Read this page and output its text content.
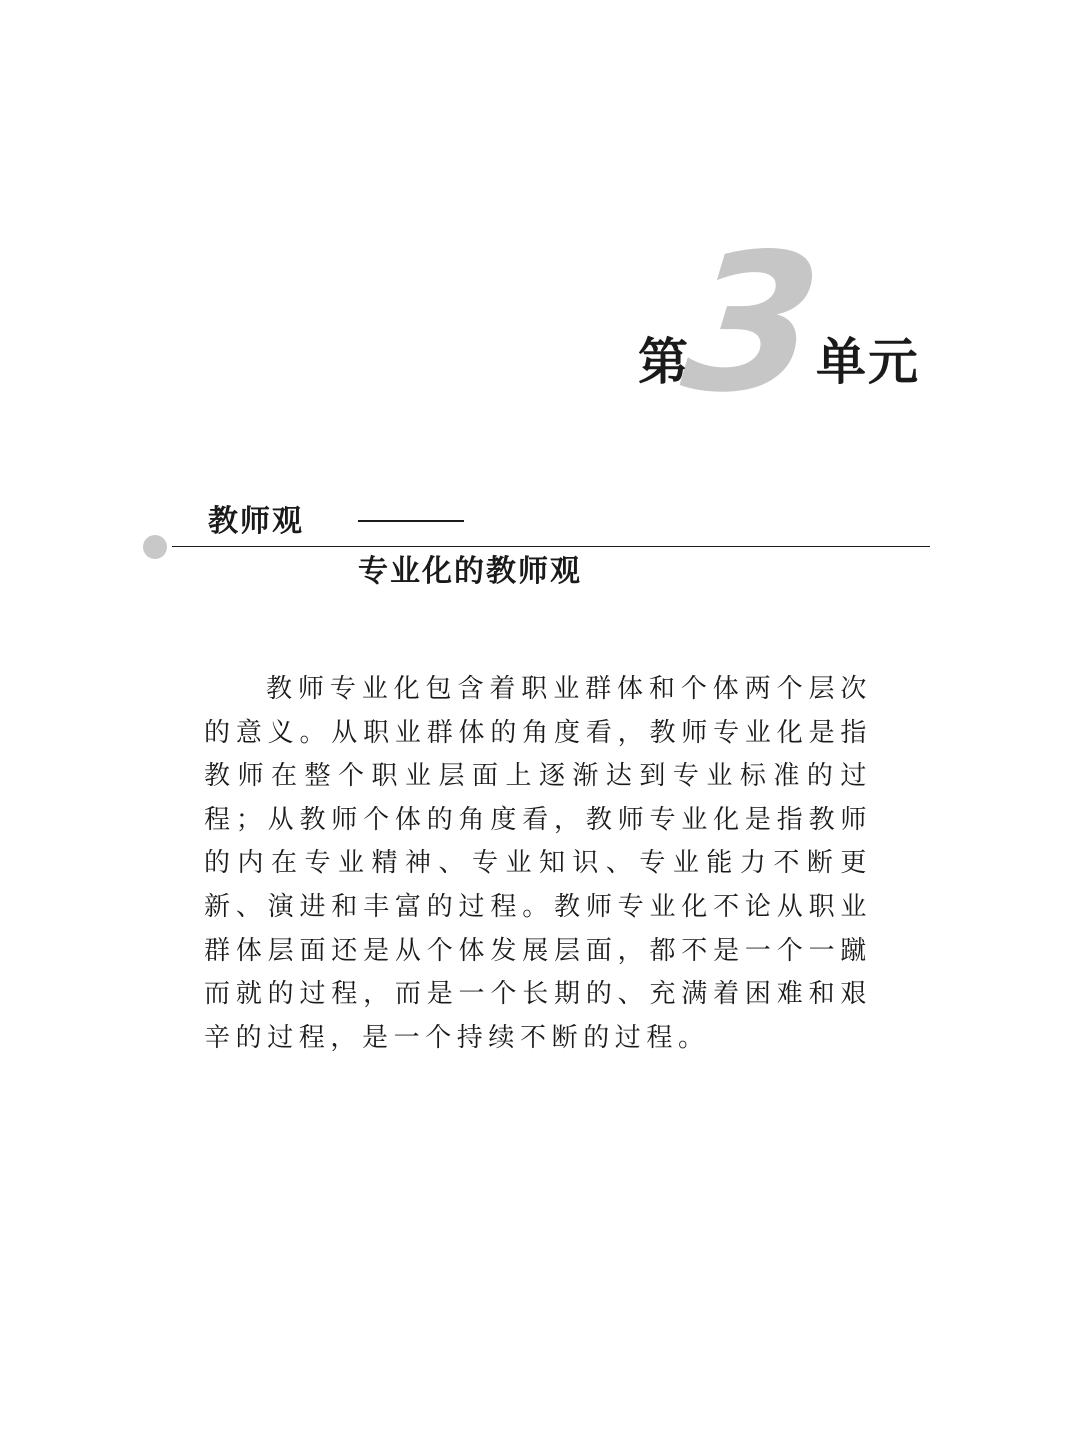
3
第	单元
教师观
专业化的教师观

教师专业化包含着职业群体和个体两个层次的意义。从职业群体的角度看，教师专业化是指教师在整个职业层面上逐渐达到专业标准的过程；从教师个体的角度看，教师专业化是指教师的内在专业精神、专业知识、专业能力不断更新、演进和丰富的过程。教师专业化不论从职业群体层面还是从个体发展层面，都不是一个一蹴而就的过程，而是一个长期的、充满着困难和艰辛的过程，是一个持续不断的过程。
